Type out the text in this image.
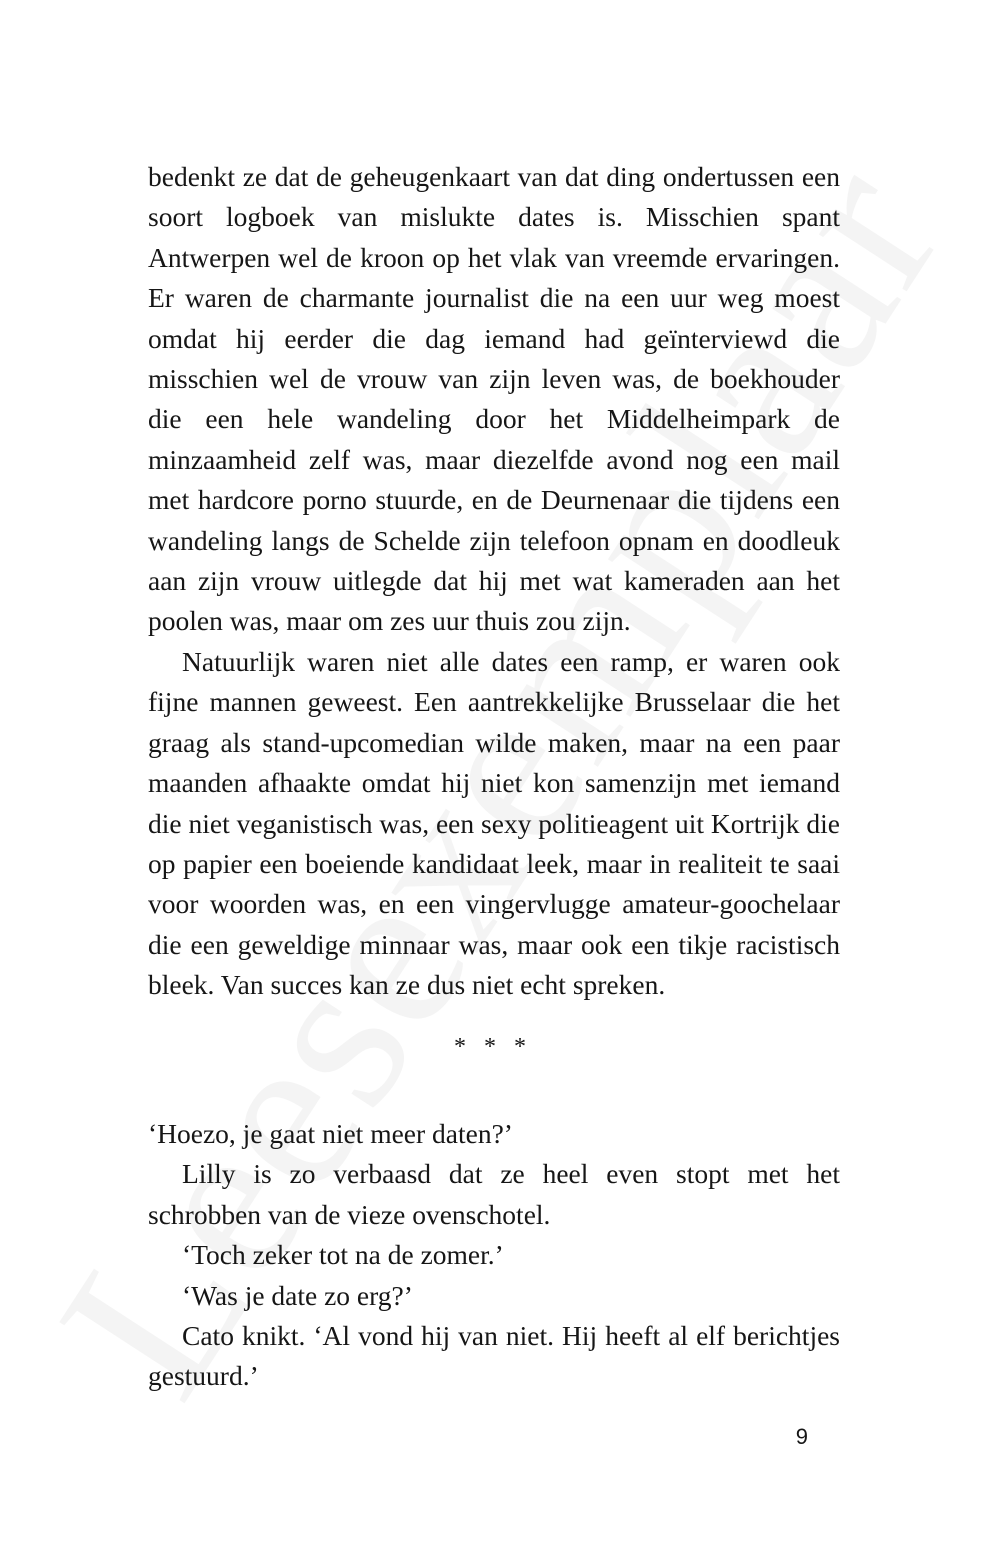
bedenkt ze dat de geheugenkaart van dat ding ondertussen een soort logboek van mislukte dates is. Misschien spant Antwerpen wel de kroon op het vlak van vreemde ervaringen. Er waren de charmante journalist die na een uur weg moest omdat hij eerder die dag iemand had geïnterviewd die misschien wel de vrouw van zijn leven was, de boekhouder die een hele wandeling door het Middelheimpark de minzaamheid zelf was, maar diezelfde avond nog een mail met hardcore porno stuurde, en de Deurnenaar die tijdens een wandeling langs de Schelde zijn telefoon opnam en doodleuk aan zijn vrouw uitlegde dat hij met wat kameraden aan het poolen was, maar om zes uur thuis zou zijn.

Natuurlijk waren niet alle dates een ramp, er waren ook fijne mannen geweest. Een aantrekkelijke Brusselaar die het graag als stand-upcomedian wilde maken, maar na een paar maanden afhaakte omdat hij niet kon samenzijn met iemand die niet veganistisch was, een sexy politieagent uit Kortrijk die op papier een boeiende kandidaat leek, maar in realiteit te saai voor woorden was, en een vingervlugge amateur-goochelaar die een geweldige minnaar was, maar ook een tikje racistisch bleek. Van succes kan ze dus niet echt spreken.

* * *

‘Hoezo, je gaat niet meer daten?’

Lilly is zo verbaasd dat ze heel even stopt met het schrobben van de vieze ovenschotel.

‘Toch zeker tot na de zomer.’

‘Was je date zo erg?’

Cato knikt. ‘Al vond hij van niet. Hij heeft al elf berichtjes gestuurd.’

9
